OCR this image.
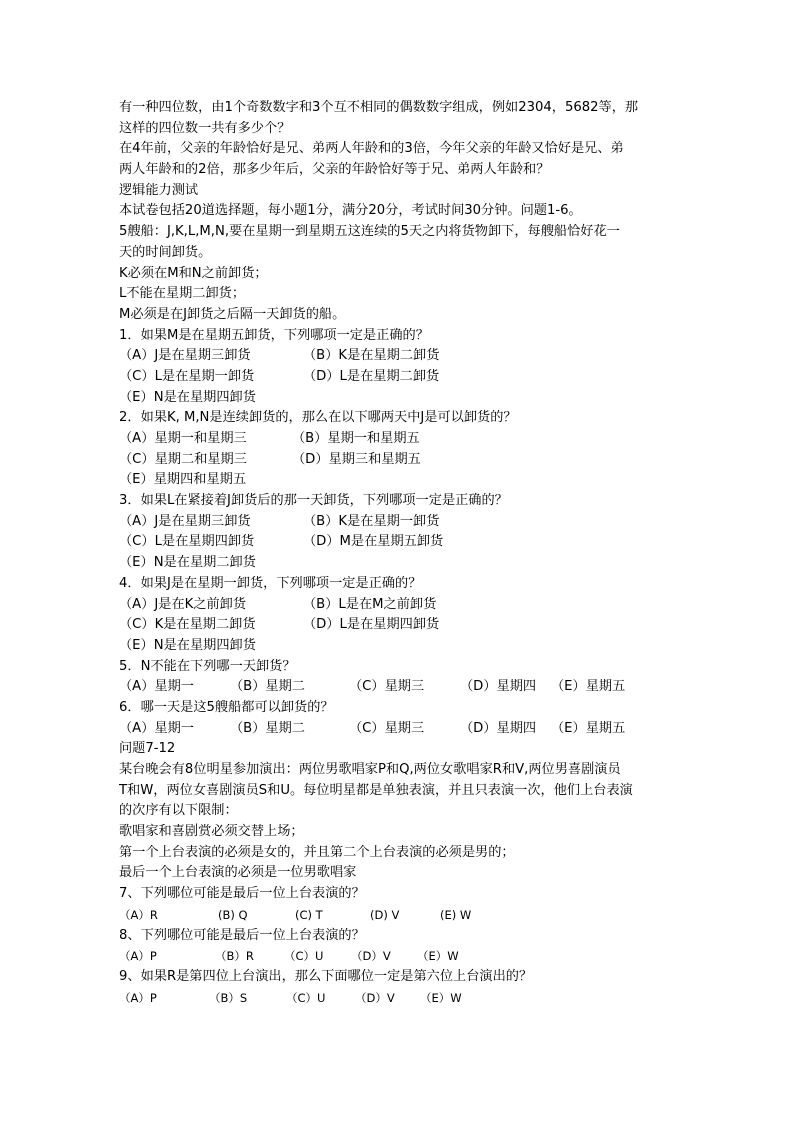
有一种四位数，由1个奇数数字和3个互不相同的偶数数字组成，例如2304，5682等，那
这样的四位数一共有多少个？
在4年前，父亲的年龄恰好是兄、弟两人年龄和的3倍，今年父亲的年龄又恰好是兄、弟
两人年龄和的2倍，那多少年后，父亲的年龄恰好等于兄、弟两人年龄和？
逻辑能力测试
本试卷包括20道选择题，每小题1分，满分20分，考试时间30分钟。问题1-6。
5艘船：J,K,L,M,N,要在星期一到星期五这连续的5天之内将货物卸下，每艘船恰好花一
天的时间卸货。
K必须在M和N之前卸货；
L不能在星期二卸货；
M必须是在J卸货之后隔一天卸货的船。
1．如果M是在星期五卸货，下列哪项一定是正确的？
（A）J是在星期三卸货	（B）K是在星期二卸货
（C）L是在星期一卸货	（D）L是在星期二卸货
（E）N是在星期四卸货
2．如果K, M,N是连续卸货的，那么在以下哪两天中J是可以卸货的？
（A）星期一和星期三	（B）星期一和星期五
（C）星期二和星期三	（D）星期三和星期五
（E）星期四和星期五
3．如果L在紧接着J卸货后的那一天卸货，下列哪项一定是正确的？
（A）J是在星期三卸货	（B）K是在星期一卸货
（C）L是在星期四卸货	（D）M是在星期五卸货
（E）N是在星期二卸货
4．如果J是在星期一卸货，下列哪项一定是正确的？
（A）J是在K之前卸货	（B）L是在M之前卸货
（C）K是在星期二卸货	（D）L是在星期四卸货
（E）N是在星期四卸货
5．N不能在下列哪一天卸货？
（A）星期一	（B）星期二	（C）星期三	（D）星期四	（E）星期五
6．哪一天是这5艘船都可以卸货的？
（A）星期一	（B）星期二	（C）星期三	（D）星期四	（E）星期五
问题7-12
某台晚会有8位明星参加演出：两位男歌唱家P和Q,两位女歌唱家R和V,两位男喜剧演员
T和W，两位女喜剧演员S和U。每位明星都是单独表演，并且只表演一次，他们上台表演
的次序有以下限制：
歌唱家和喜剧赏必须交替上场；
第一个上台表演的必须是女的，并且第二个上台表演的必须是男的；
最后一个上台表演的必须是一位男歌唱家
7、下列哪位可能是最后一位上台表演的？
（A）R	(B) Q	(C) T	(D) V	(E) W
8、下列哪位可能是最后一位上台表演的？
（A）P	（B）R	（C）U	（D）V	（E）W
9、如果R是第四位上台演出，那么下面哪位一定是第六位上台演出的？
（A）P	（B）S	（C）U	（D）V	（E）W
